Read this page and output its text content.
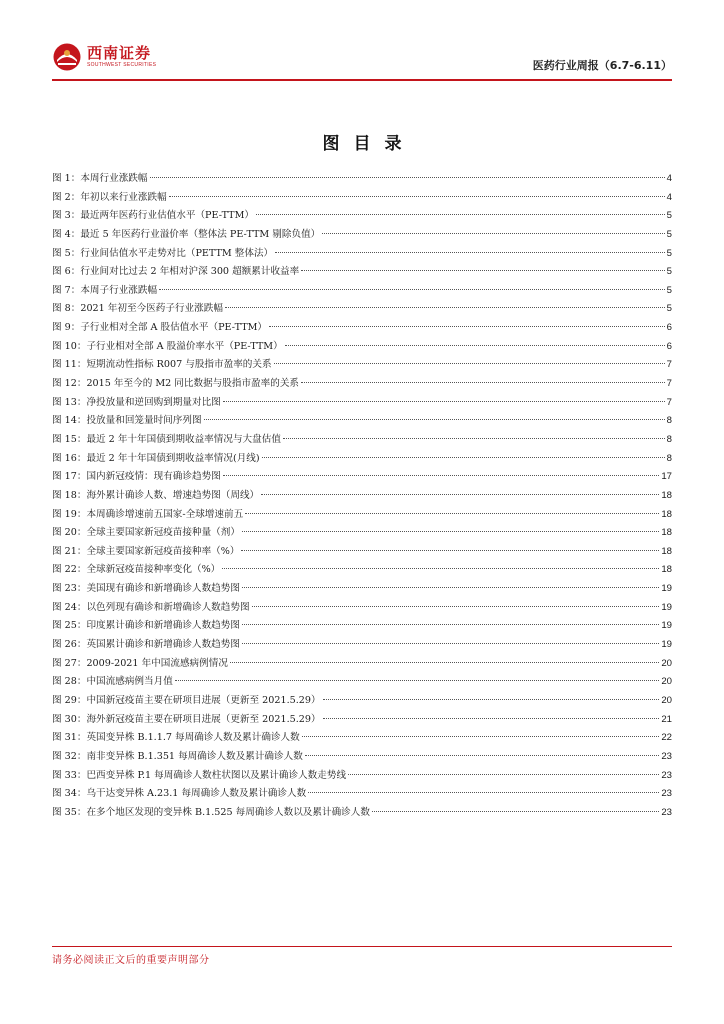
西南证券
SOUTHWEST SECURITIES	医药行业周报（6.7-6.11）
图目录
图 1：本周行业涨跌幅	4
图 2：年初以来行业涨跌幅	4
图 3：最近两年医药行业估值水平（PE-TTM）	5
图 4：最近 5 年医药行业溢价率（整体法 PE-TTM 剔除负值）	5
图 5：行业间估值水平走势对比（PETTM 整体法）	5
图 6：行业间对比过去 2 年相对沪深 300 超额累计收益率	5
图 7：本周子行业涨跌幅	5
图 8：2021 年初至今医药子行业涨跌幅	5
图 9：子行业相对全部 A 股估值水平（PE-TTM）	6
图 10：子行业相对全部 A 股溢价率水平（PE-TTM）	6
图 11：短期流动性指标 R007 与股指市盈率的关系	7
图 12：2015 年至今的 M2 同比数据与股指市盈率的关系	7
图 13：净投放量和逆回购到期量对比图	7
图 14：投放量和回笼量时间序列图	8
图 15：最近 2 年十年国债到期收益率情况与大盘估值	8
图 16：最近 2 年十年国债到期收益率情况(月线)	8
图 17：国内新冠疫情：现有确诊趋势图	17
图 18：海外累计确诊人数、增速趋势图（周线）	18
图 19：本周确诊增速前五国家-全球增速前五	18
图 20：全球主要国家新冠疫苗接种量（剂）	18
图 21：全球主要国家新冠疫苗接种率（%）	18
图 22：全球新冠疫苗接种率变化（%）	18
图 23：美国现有确诊和新增确诊人数趋势图	19
图 24：以色列现有确诊和新增确诊人数趋势图	19
图 25：印度累计确诊和新增确诊人数趋势图	19
图 26：英国累计确诊和新增确诊人数趋势图	19
图 27：2009-2021 年中国流感病例情况	20
图 28：中国流感病例当月值	20
图 29：中国新冠疫苗主要在研项目进展（更新至 2021.5.29）	20
图 30：海外新冠疫苗主要在研项目进展（更新至 2021.5.29）	21
图 31：英国变异株 B.1.1.7 每周确诊人数及累计确诊人数	22
图 32：南非变异株 B.1.351 每周确诊人数及累计确诊人数	23
图 33：巴西变异株 P.1 每周确诊人数柱状图以及累计确诊人数走势线	23
图 34：乌干达变异株 A.23.1 每周确诊人数及累计确诊人数	23
图 35：在多个地区发现的变异株 B.1.525 每周确诊人数以及累计确诊人数	23
请务必阅读正文后的重要声明部分
